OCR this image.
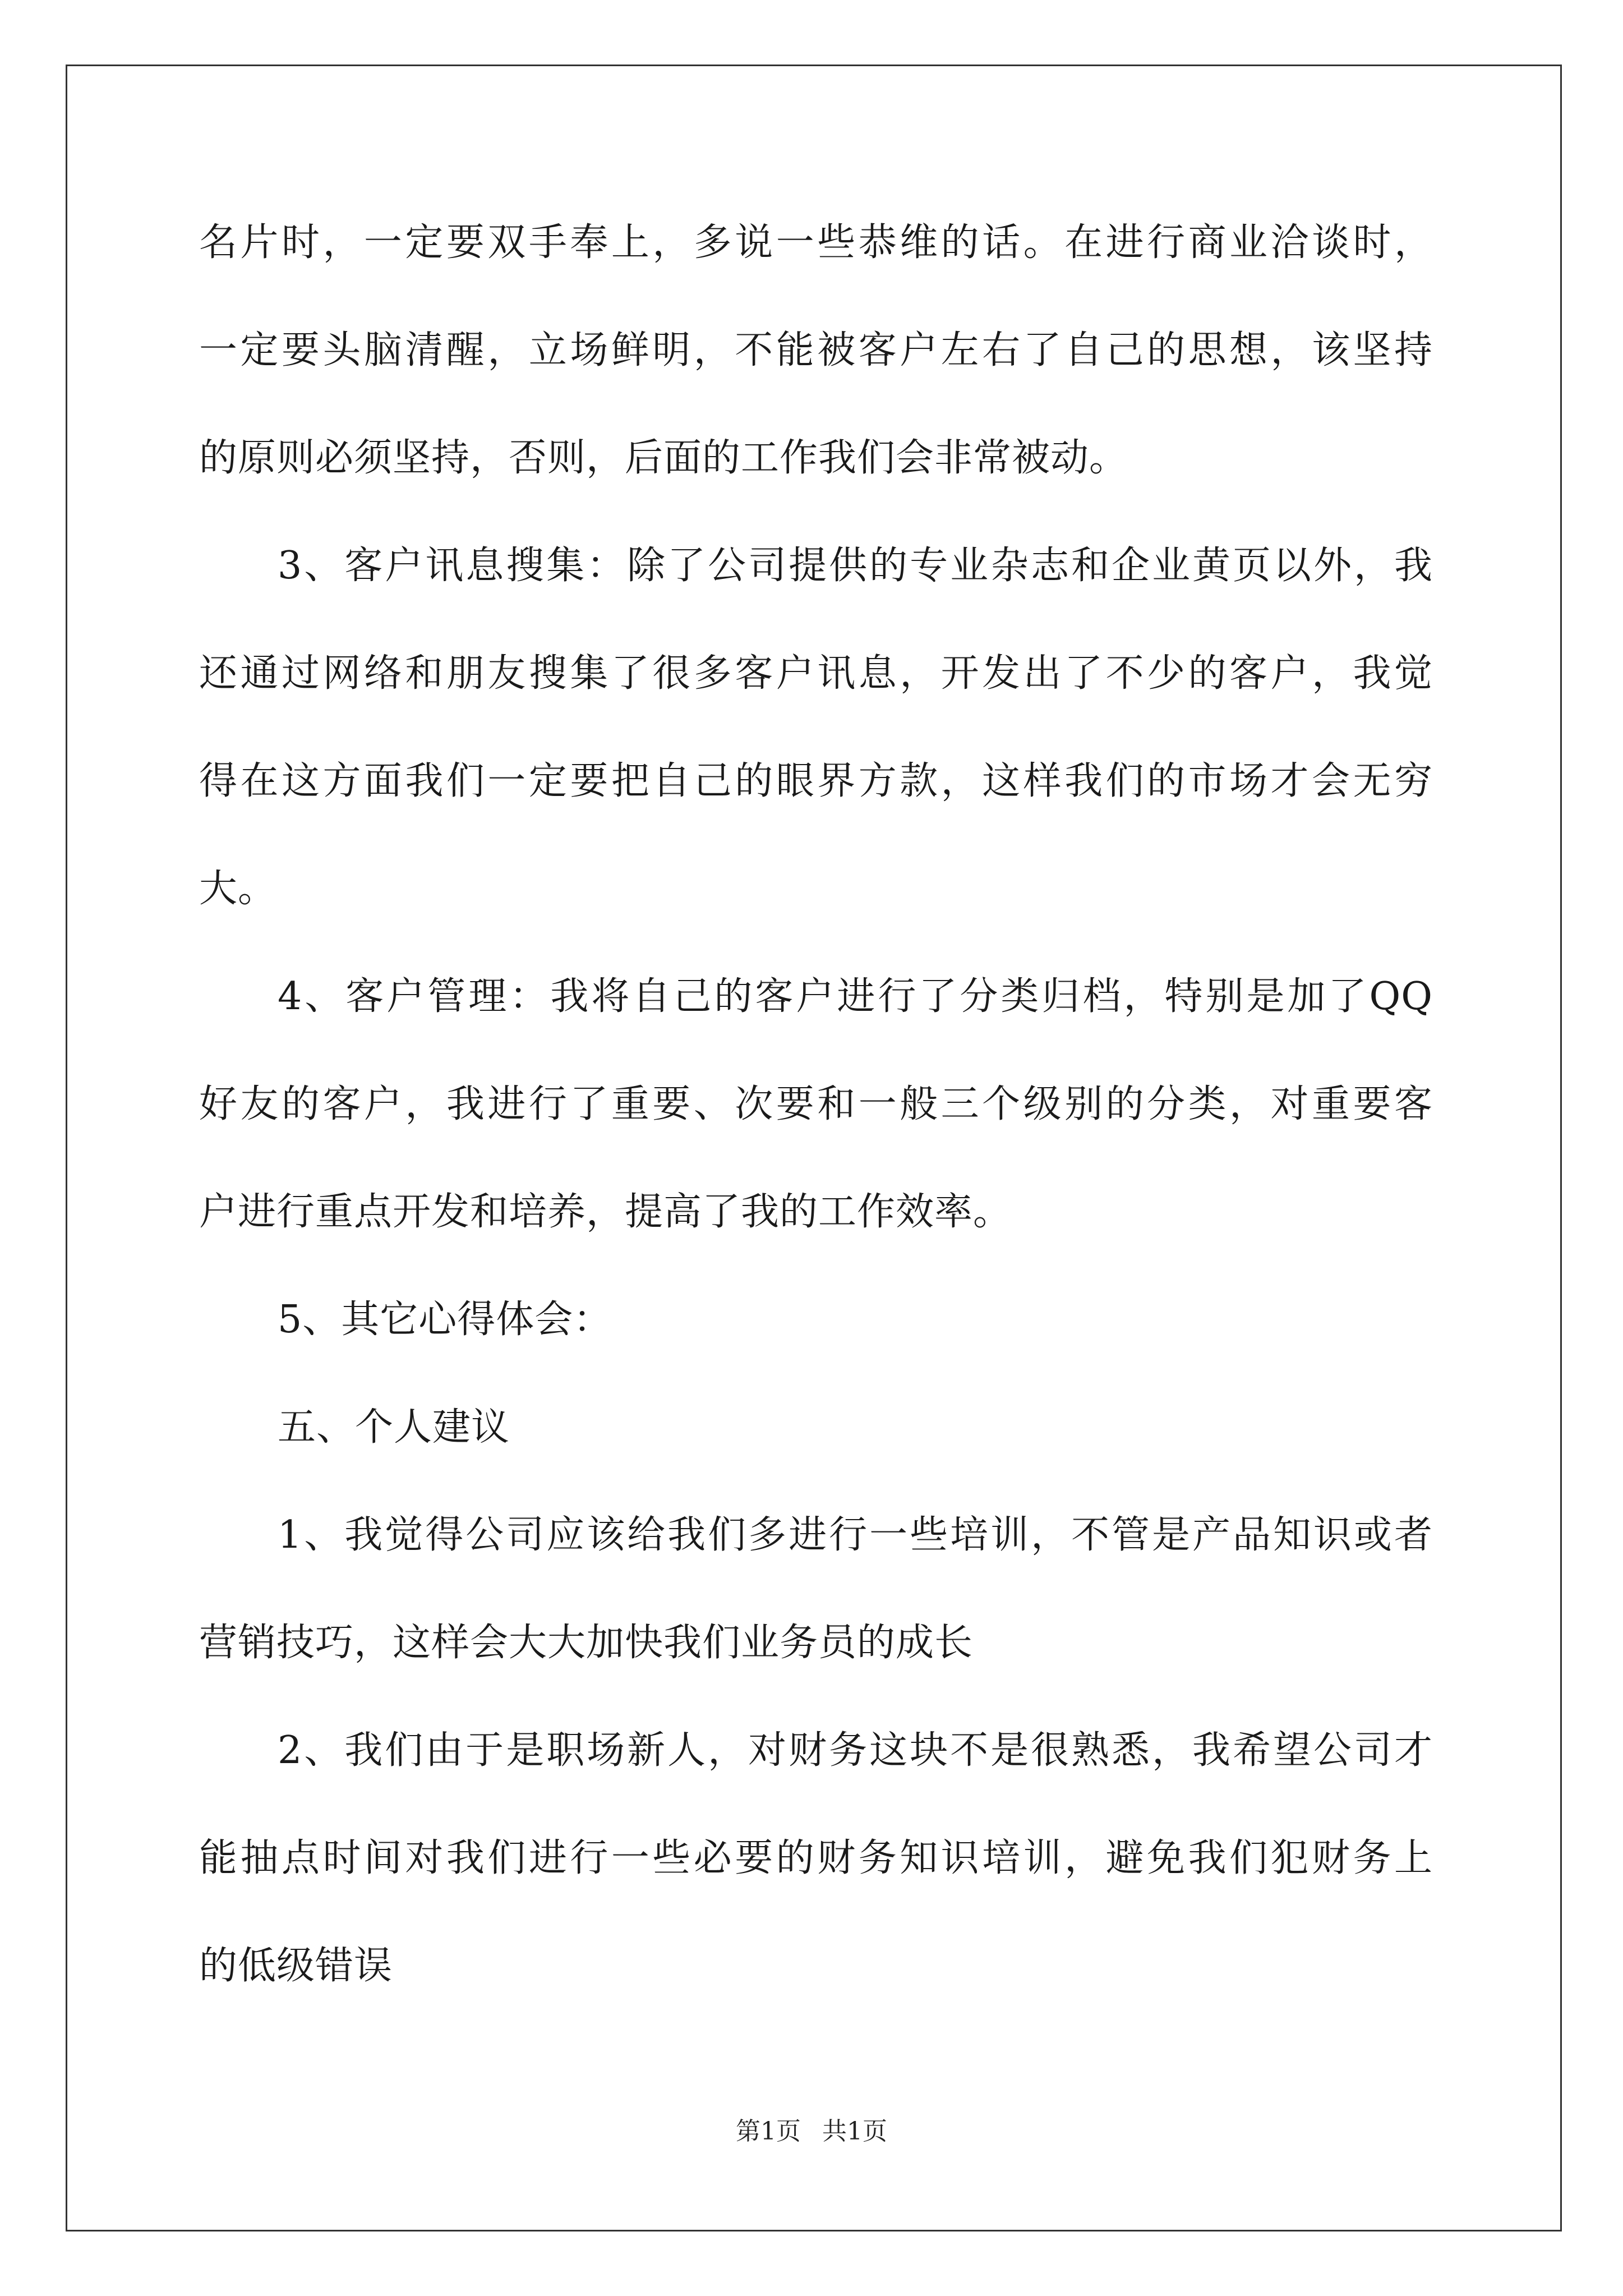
名片时，一定要双手奉上，多说一些恭维的话。在进行商业洽谈时，
一定要头脑清醒，立场鲜明，不能被客户左右了自己的思想，该坚持
的原则必须坚持，否则，后面的工作我们会非常被动。
3、客户讯息搜集：除了公司提供的专业杂志和企业黄页以外，我
还通过网络和朋友搜集了很多客户讯息，开发出了不少的客户，我觉
得在这方面我们一定要把自己的眼界方款，这样我们的市场才会无穷
大。
4、客户管理：我将自己的客户进行了分类归档，特别是加了QQ
好友的客户，我进行了重要、次要和一般三个级别的分类，对重要客
户进行重点开发和培养，提高了我的工作效率。
5、其它心得体会：
五、个人建议
1、我觉得公司应该给我们多进行一些培训，不管是产品知识或者
营销技巧，这样会大大加快我们业务员的成长
2、我们由于是职场新人，对财务这块不是很熟悉，我希望公司才
能抽点时间对我们进行一些必要的财务知识培训，避免我们犯财务上
的低级错误
第1页 共1页
